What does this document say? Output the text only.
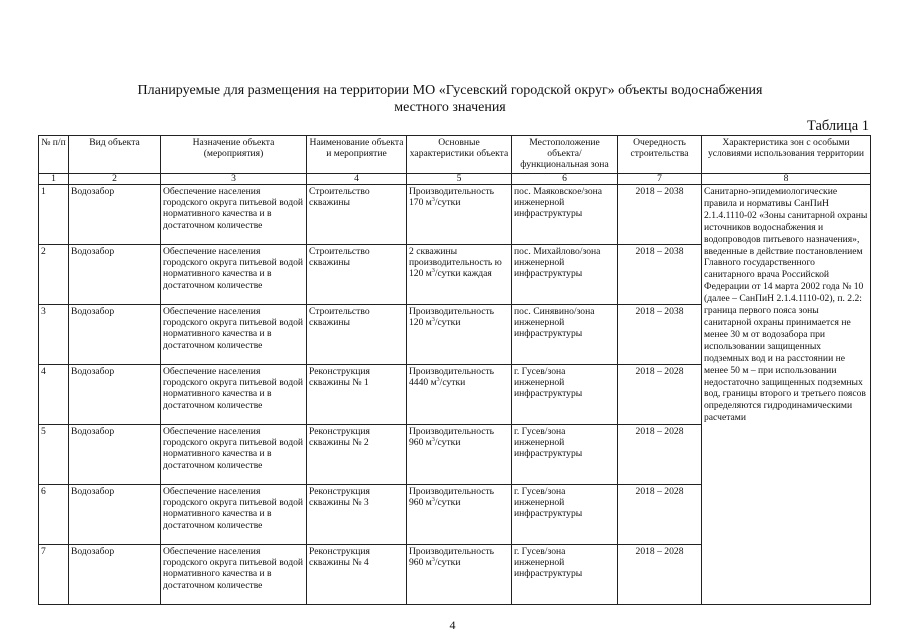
Планируемые для размещения на территории МО «Гусевский городской округ» объекты водоснабжения
местного значения
Таблица 1
№ п/п	Вид объекта	Назначение объекта (мероприятия)	Наименование объекта и мероприятие	Основные характеристики объекта	Местоположение объекта/ функциональная зона	Очередность строительства	Характеристика зон с особыми условиями использования территории
1	2	3	4	5	6	7	8
1	Водозабор	Обеспечение населения городского округа питьевой водой нормативного качества и в достаточном количестве	Строительство скважины	Производительность 170 $м^3$/сутки	пос. Маяковское/зона инженерной инфраструктуры	2018 – 2038	Санитарно-эпидемиологические правила и нормативы СанПиН 2.1.4.1110-02 «Зоны санитарной охраны источников водоснабжения и водопроводов питьевого назначения», введенные в действие постановлением Главного государственного санитарного врача Российской Федерации от 14 марта 2002 года № 10 (далее – СанПиН 2.1.4.1110-02), п. 2.2: граница первого пояса зоны санитарной охраны принимается не менее 30 м от водозабора при использовании защищенных подземных вод и на расстоянии не менее 50 м – при использовании недостаточно защищенных подземных вод, границы второго и третьего поясов определяются гидродинамическими расчетами
2	Водозабор	Обеспечение населения городского округа питьевой водой нормативного качества и в достаточном количестве	Строительство скважины	2 скважины производительность ю 120 $м^3$/сутки каждая	пос. Михайлово/зона инженерной инфраструктуры	2018 – 2038	
3	Водозабор	Обеспечение населения городского округа питьевой водой нормативного качества и в достаточном количестве	Строительство скважины	Производительность 120 $м^3$/сутки	пос. Синявино/зона инженерной инфраструктуры	2018 – 2038	
4	Водозабор	Обеспечение населения городского округа питьевой водой нормативного качества и в достаточном количестве	Реконструкция скважины № 1	Производительность 4440 $м^3$/сутки	г. Гусев/зона инженерной инфраструктуры	2018 – 2028	
5	Водозабор	Обеспечение населения городского округа питьевой водой нормативного качества и в достаточном количестве	Реконструкция скважины № 2	Производительность 960 $м^3$/сутки	г. Гусев/зона инженерной инфраструктуры	2018 – 2028	
6	Водозабор	Обеспечение населения городского округа питьевой водой нормативного качества и в достаточном количестве	Реконструкция скважины № 3	Производительность 960 $м^3$/сутки	г. Гусев/зона инженерной инфраструктуры	2018 – 2028	
7	Водозабор	Обеспечение населения городского округа питьевой водой нормативного качества и в достаточном количестве	Реконструкция скважины № 4	Производительность 960 $м^3$/сутки	г. Гусев/зона инженерной инфраструктуры	2018 – 2028	
4
